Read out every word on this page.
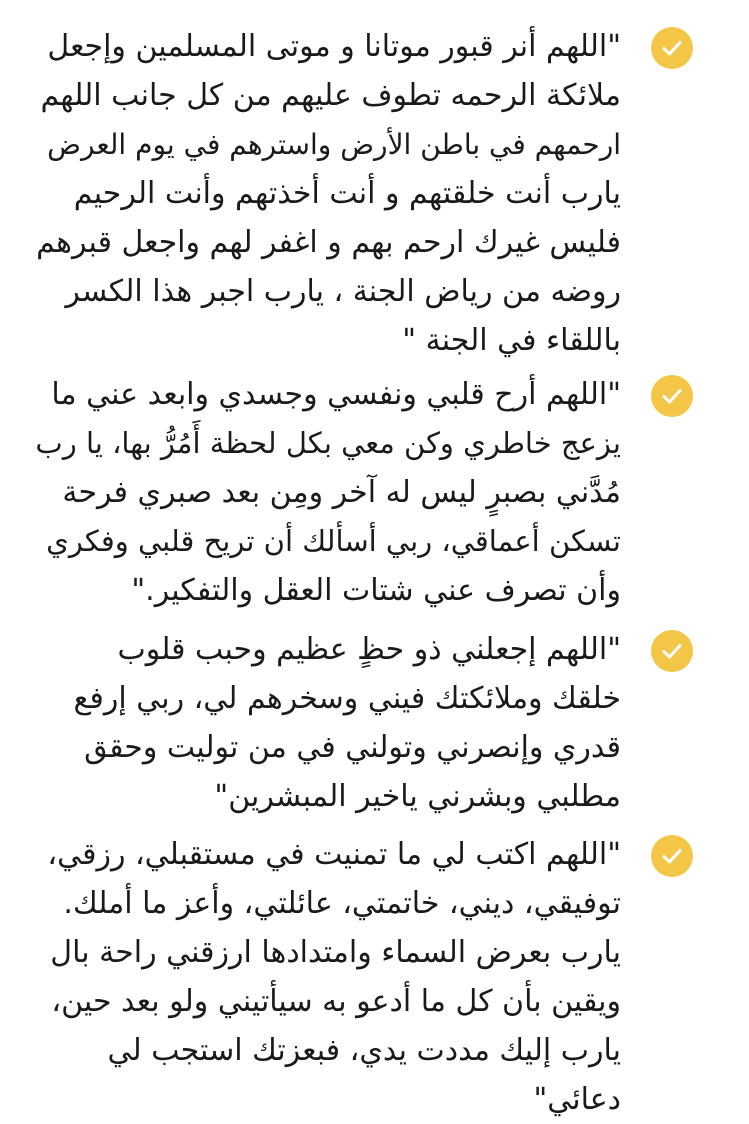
"اللهم أنر قبور موتانا و موتى المسلمين وإجعل
ملائكة الرحمه تطوف عليهم من كل جانب اللهم
ارحمهم في باطن الأرض واسترهم في يوم العرض
يارب أنت خلقتهم و أنت أخذتهم وأنت الرحيم
فليس غيرك ارحم بهم و اغفر لهم واجعل قبرهم
روضه من رياض الجنة ، يارب اجبر هذا الكسر
باللقاء في الجنة "
"اللهم أرح قلبي ونفسي وجسدي وابعد عني ما
يزعج خاطري وكن معي بكل لحظة أَمُرُّ بها، يا رب
مُدَّني بصبرٍ ليس له آخر ومِن بعد صبري فرحة
تسكن أعماقي، ربي أسألك أن تريح قلبي وفكري
وأن تصرف عني شتات العقل والتفكير."
"اللهم إجعلني ذو حظٍ عظيم وحبب قلوب
خلقك وملائكتك فيني وسخرهم لي، ربي إرفع
قدري وإنصرني وتولني في من توليت وحقق
مطلبي وبشرني ياخير المبشرين"
"اللهم اكتب لي ما تمنيت في مستقبلي، رزقي،
توفيقي، ديني، خاتمتي، عائلتي، وأعز ما أملك.
يارب بعرض السماء وامتدادها ارزقني راحة بال
ويقين بأن كل ما أدعو به سيأتيني ولو بعد حين،
يارب إليك مددت يدي، فبعزتك استجب لي
دعائي"
